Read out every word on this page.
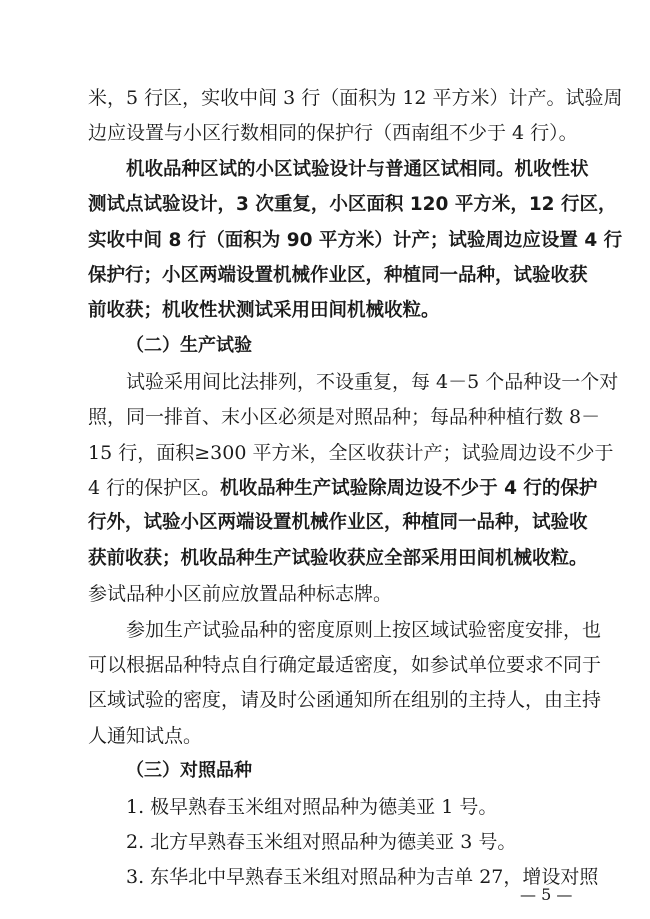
米，5 行区，实收中间 3 行（面积为 12 平方米）计产。试验周
边应设置与小区行数相同的保护行（西南组不少于 4 行）。
机收品种区试的小区试验设计与普通区试相同。机收性状
测试点试验设计，3 次重复，小区面积 120 平方米，12 行区，
实收中间 8 行（面积为 90 平方米）计产；试验周边应设置 4 行
保护行；小区两端设置机械作业区，种植同一品种，试验收获
前收获；机收性状测试采用田间机械收粒。
（二）生产试验
试验采用间比法排列，不设重复，每 4－5 个品种设一个对
照，同一排首、末小区必须是对照品种；每品种种植行数 8－
15 行，面积≥300 平方米，全区收获计产；试验周边设不少于
4 行的保护区。机收品种生产试验除周边设不少于 4 行的保护
行外，试验小区两端设置机械作业区，种植同一品种，试验收
获前收获；机收品种生产试验收获应全部采用田间机械收粒。
参试品种小区前应放置品种标志牌。
参加生产试验品种的密度原则上按区域试验密度安排，也
可以根据品种特点自行确定最适密度，如参试单位要求不同于
区域试验的密度，请及时公函通知所在组别的主持人，由主持
人通知试点。
（三）对照品种
1. 极早熟春玉米组对照品种为德美亚 1 号。
2. 北方早熟春玉米组对照品种为德美亚 3 号。
3. 东华北中早熟春玉米组对照品种为吉单 27，增设对照
— 5 —
